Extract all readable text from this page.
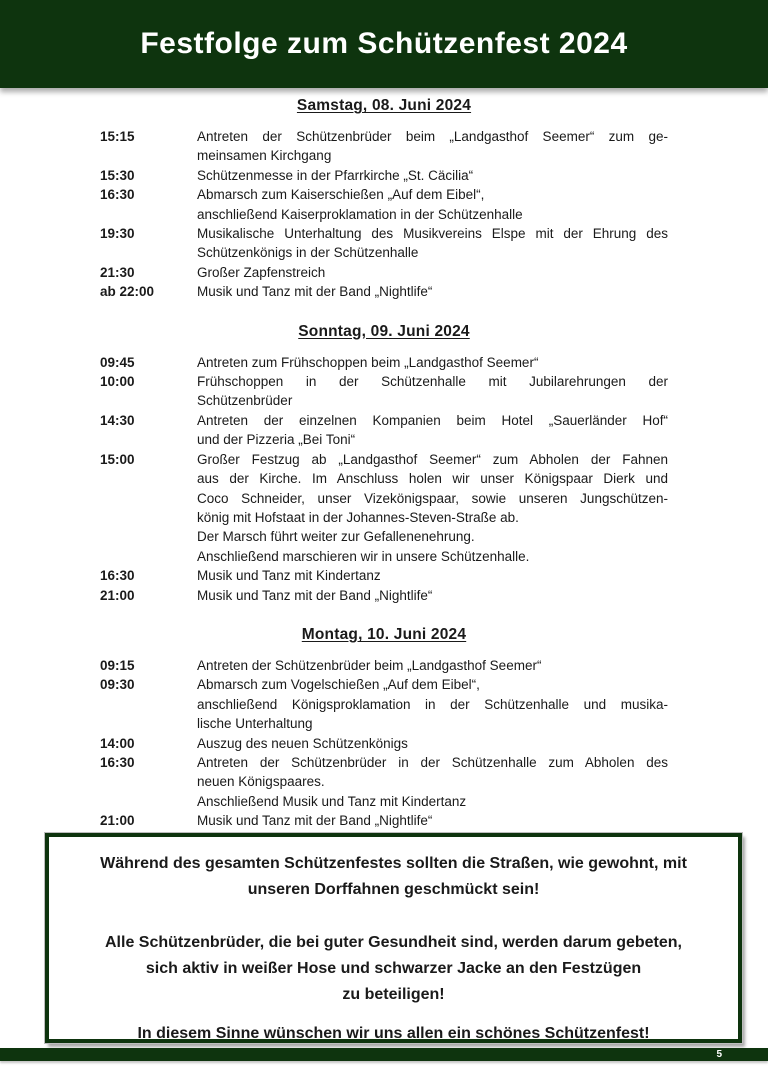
Festfolge zum Schützenfest 2024
Samstag, 08. Juni 2024
15:15	Antreten der Schützenbrüder beim „Landgasthof Seemer“ zum ge-
meinsamen Kirchgang
15:30	Schützenmesse in der Pfarrkirche „St. Cäcilia“
16:30	Abmarsch zum Kaiserschießen „Auf dem Eibel“,
anschließend Kaiserproklamation in der Schützenhalle
19:30	Musikalische Unterhaltung des Musikvereins Elspe mit der Ehrung des
Schützenkönigs in der Schützenhalle
21:30	Großer Zapfenstreich
ab 22:00	Musik und Tanz mit der Band „Nightlife“
Sonntag, 09. Juni 2024
09:45	Antreten zum Frühschoppen beim „Landgasthof Seemer“
10:00	Frühschoppen in der Schützenhalle mit Jubilarehrungen der
Schützenbrüder
14:30	Antreten der einzelnen Kompanien beim Hotel „Sauerländer Hof“
und der Pizzeria „Bei Toni“
15:00	Großer Festzug ab „Landgasthof Seemer“ zum Abholen der Fahnen
aus der Kirche. Im Anschluss holen wir unser Königspaar Dierk und
Coco Schneider, unser Vizekönigspaar, sowie unseren Jungschützen-
könig mit Hofstaat in der Johannes-Steven-Straße ab.
Der Marsch führt weiter zur Gefallenenehrung.
Anschließend marschieren wir in unsere Schützenhalle.
16:30	Musik und Tanz mit Kindertanz
21:00	Musik und Tanz mit der Band „Nightlife“
Montag, 10. Juni 2024
09:15	Antreten der Schützenbrüder beim „Landgasthof Seemer“
09:30	Abmarsch zum Vogelschießen „Auf dem Eibel“,
anschließend Königsproklamation in der Schützenhalle und musika-
lische Unterhaltung
14:00	Auszug des neuen Schützenkönigs
16:30	Antreten der Schützenbrüder in der Schützenhalle zum Abholen des
neuen Königspaares.
Anschließend Musik und Tanz mit Kindertanz
21:00	Musik und Tanz mit der Band „Nightlife“
Während des gesamten Schützenfestes sollten die Straßen, wie gewohnt, mit
unseren Dorffahnen geschmückt sein!
Alle Schützenbrüder, die bei guter Gesundheit sind, werden darum gebeten,
sich aktiv in weißer Hose und schwarzer Jacke an den Festzügen
zu beteiligen!
In diesem Sinne wünschen wir uns allen ein schönes Schützenfest!
5
